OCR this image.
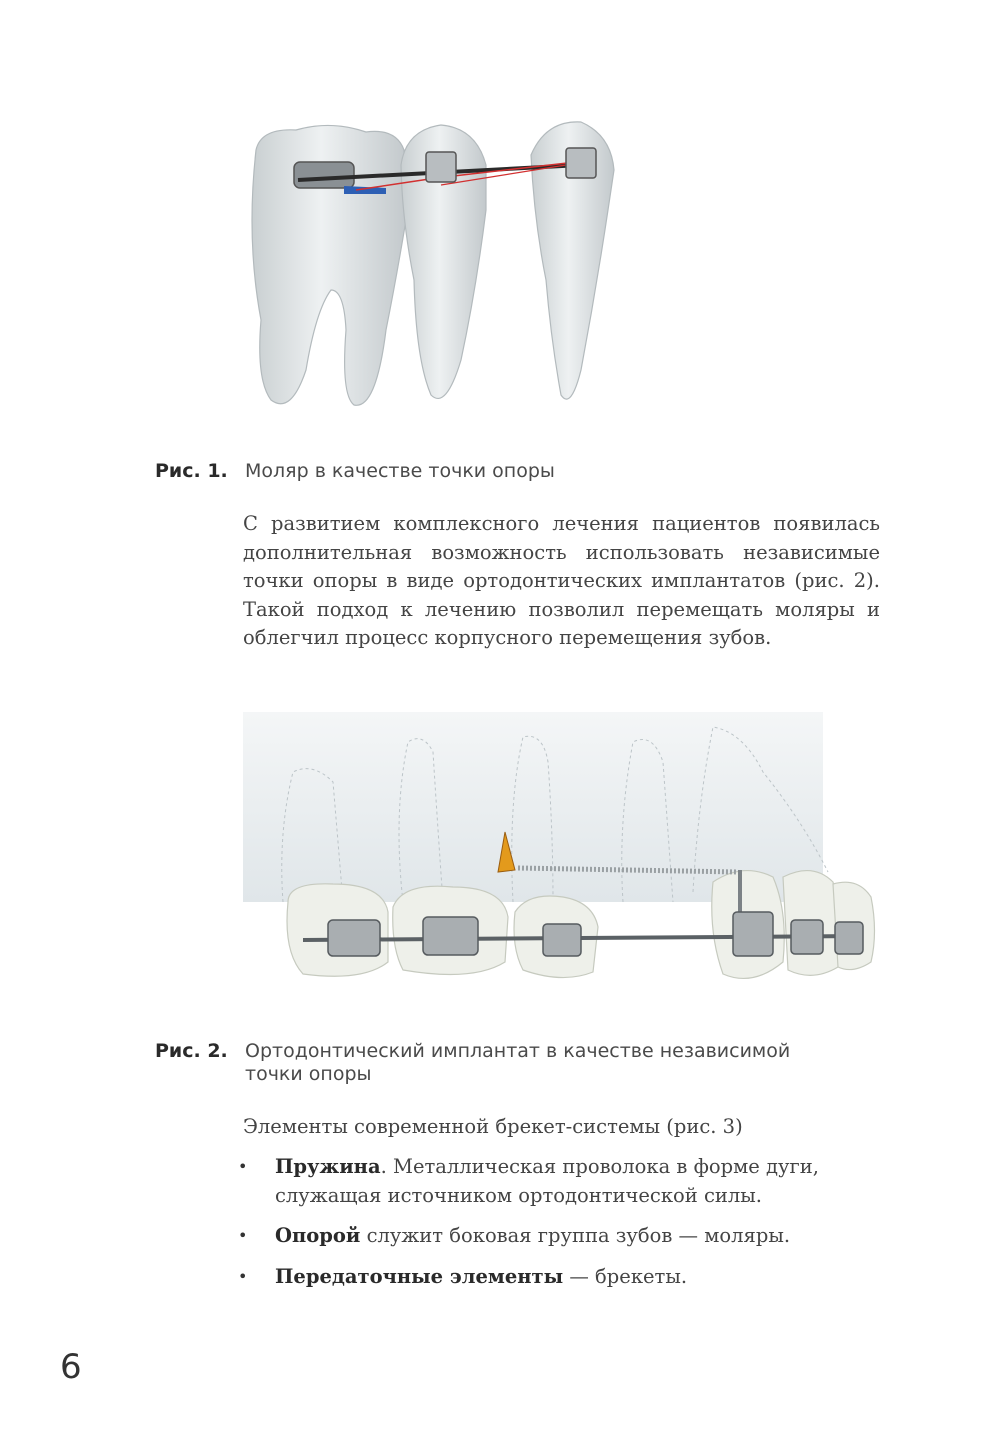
Рис. 1. Моляр в качестве точки опоры

С развитием комплексного лечения пациентов появилась дополнительная возможность использовать независимые точки опоры в виде ортодонтических имплантатов (рис. 2). Такой подход к лечению позволил перемещать моляры и облегчил процесс корпусного перемещения зубов.

Рис. 2. Ортодонтический имплантат в качестве независимой
точки опоры

Элементы современной брекет-системы (рис. 3)

• Пружина. Металлическая проволока в форме дуги, служащая источником ортодонтической силы.
• Опорой служит боковая группа зубов — моляры.
• Передаточные элементы — брекеты.
6
